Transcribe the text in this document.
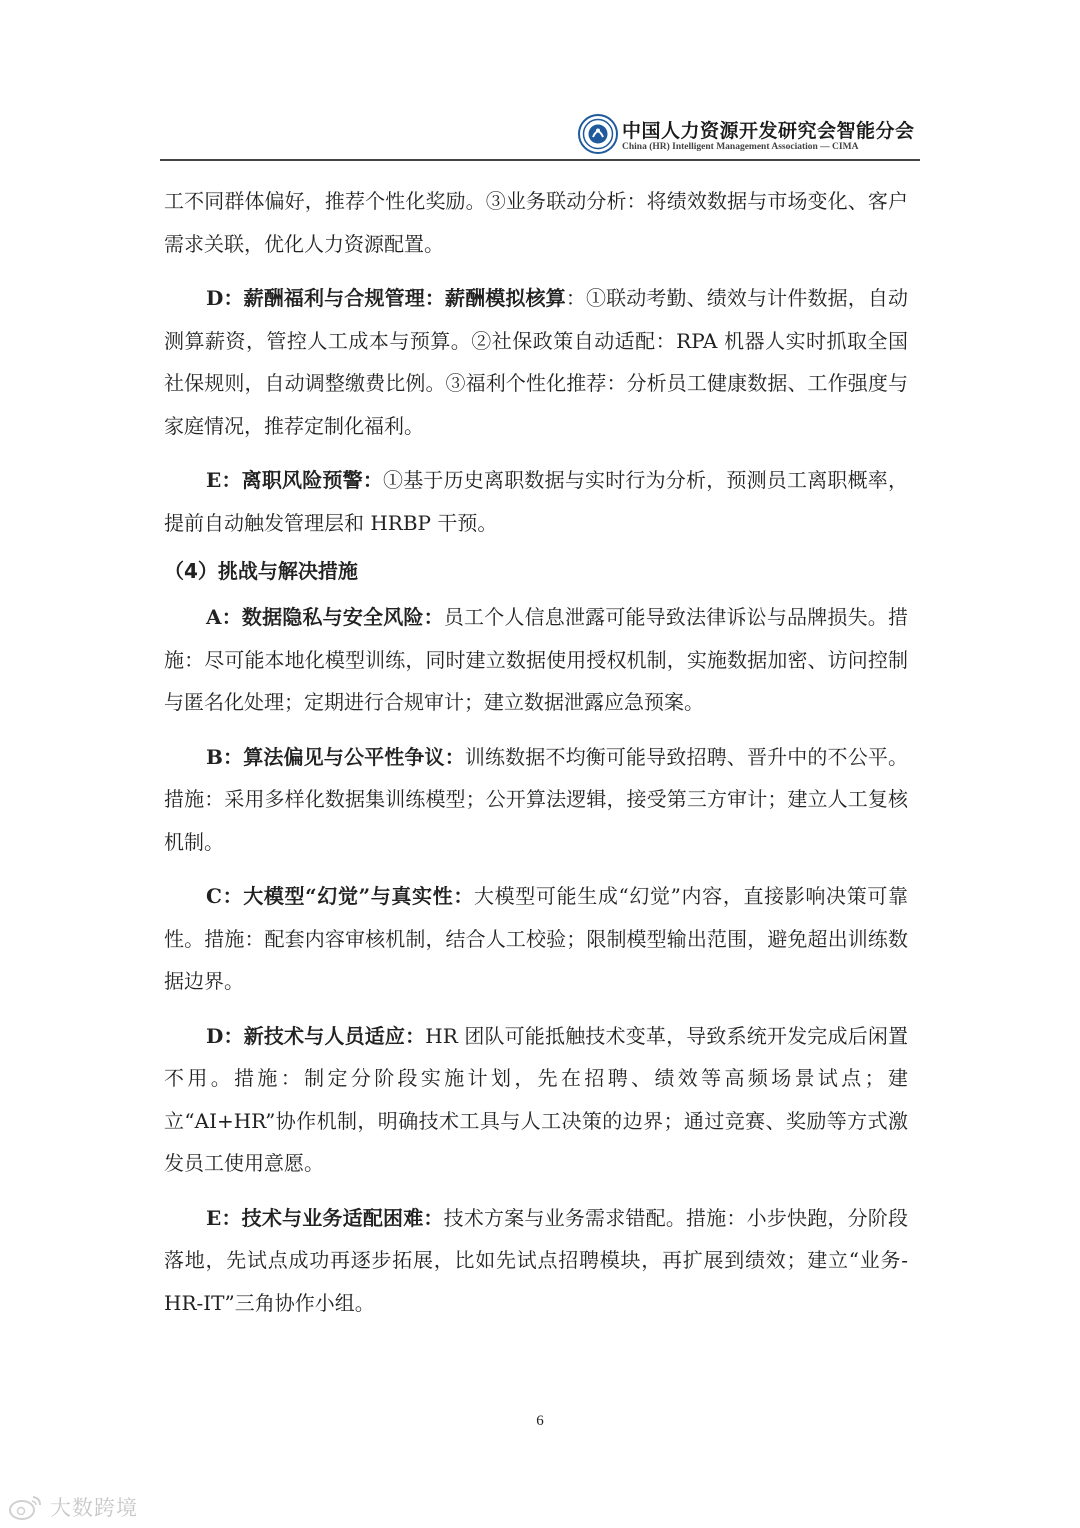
中国人力资源开发研究会智能分会
China (HR) Intelligent Management Association — CIMA

工不同群体偏好，推荐个性化奖励。③业务联动分析：将绩效数据与市场变化、客户需求关联，优化人力资源配置。

D：薪酬福利与合规管理：薪酬模拟核算：①联动考勤、绩效与计件数据，自动测算薪资，管控人工成本与预算。②社保政策自动适配：RPA 机器人实时抓取全国社保规则，自动调整缴费比例。③福利个性化推荐：分析员工健康数据、工作强度与家庭情况，推荐定制化福利。

E：离职风险预警：①基于历史离职数据与实时行为分析，预测员工离职概率，提前自动触发管理层和 HRBP 干预。

（4）挑战与解决措施

A：数据隐私与安全风险：员工个人信息泄露可能导致法律诉讼与品牌损失。措施：尽可能本地化模型训练，同时建立数据使用授权机制，实施数据加密、访问控制与匿名化处理；定期进行合规审计；建立数据泄露应急预案。

B：算法偏见与公平性争议：训练数据不均衡可能导致招聘、晋升中的不公平。措施：采用多样化数据集训练模型；公开算法逻辑，接受第三方审计；建立人工复核机制。

C：大模型“幻觉”与真实性：大模型可能生成“幻觉”内容，直接影响决策可靠性。措施：配套内容审核机制，结合人工校验；限制模型输出范围，避免超出训练数据边界。

D：新技术与人员适应：HR 团队可能抵触技术变革，导致系统开发完成后闲置不用。措施：制定分阶段实施计划，先在招聘、绩效等高频场景试点；建立“AI+HR”协作机制，明确技术工具与人工决策的边界；通过竞赛、奖励等方式激发员工使用意愿。

E：技术与业务适配困难：技术方案与业务需求错配。措施：小步快跑，分阶段落地，先试点成功再逐步拓展，比如先试点招聘模块，再扩展到绩效；建立“业务-HR-IT”三角协作小组。

6
大数跨境
